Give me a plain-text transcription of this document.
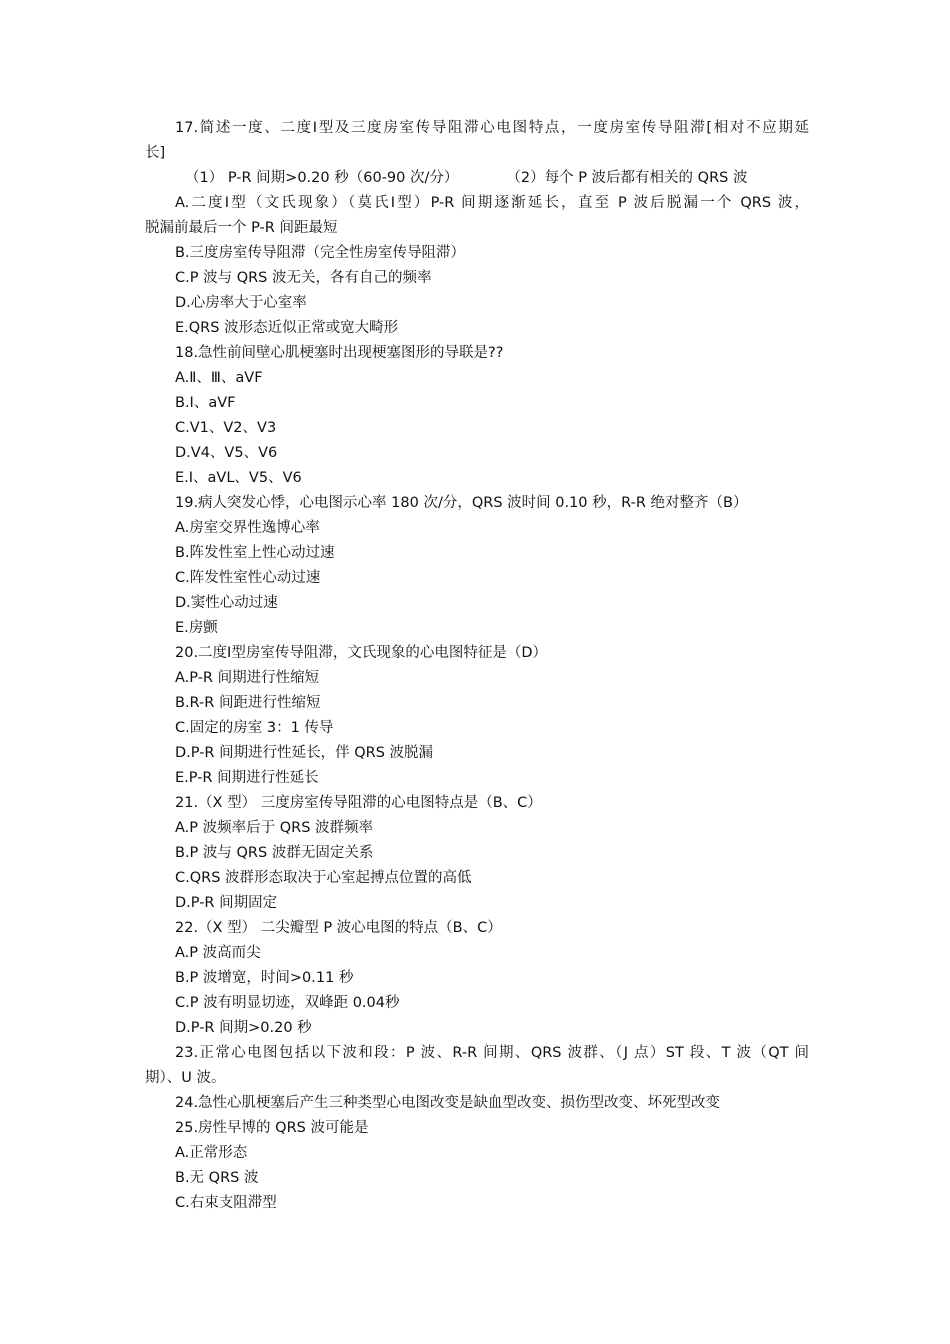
17.简述一度、二度Ⅰ型及三度房室传导阻滞心电图特点，一度房室传导阻滞[相对不应期延
长]
（1） P-R 间期>0.20 秒（60-90 次/分）	（2）每个 P 波后都有相关的 QRS 波
A.二度Ⅰ型（文氏现象）（莫氏Ⅰ型）P-R 间期逐渐延长，直至 P 波后脱漏一个 QRS 波，
脱漏前最后一个 P-R 间距最短
B.三度房室传导阻滞（完全性房室传导阻滞）
C.P 波与 QRS 波无关，各有自己的频率
D.心房率大于心室率
E.QRS 波形态近似正常或宽大畸形
18.急性前间壁心肌梗塞时出现梗塞图形的导联是??
A.Ⅱ、Ⅲ、aVF
B.Ⅰ、aVF
C.V1、V2、V3
D.V4、V5、V6
E.Ⅰ、aVL、V5、V6
19.病人突发心悸，心电图示心率 180 次/分，QRS 波时间 0.10 秒，R-R 绝对整齐（B）
A.房室交界性逸博心率
B.阵发性室上性心动过速
C.阵发性室性心动过速
D.窦性心动过速
E.房颤
20.二度Ⅰ型房室传导阻滞，文氏现象的心电图特征是（D）
A.P-R 间期进行性缩短
B.R-R 间距进行性缩短
C.固定的房室 3：1 传导
D.P-R 间期进行性延长，伴 QRS 波脱漏
E.P-R 间期进行性延长
21.（X 型） 三度房室传导阻滞的心电图特点是（B、C）
A.P 波频率后于 QRS 波群频率
B.P 波与 QRS 波群无固定关系
C.QRS 波群形态取决于心室起搏点位置的高低
D.P-R 间期固定
22.（X 型） 二尖瓣型 P 波心电图的特点（B、C）
A.P 波高而尖
B.P 波增宽，时间>0.11 秒
C.P 波有明显切迹，双峰距 0.04秒
D.P-R 间期>0.20 秒
23.正常心电图包括以下波和段：P 波、R-R 间期、QRS 波群、（J 点）ST 段、T 波（QT 间
期）、U 波。
24.急性心肌梗塞后产生三种类型心电图改变是缺血型改变、损伤型改变、坏死型改变
25.房性早博的 QRS 波可能是
A.正常形态
B.无 QRS 波
C.右束支阻滞型
